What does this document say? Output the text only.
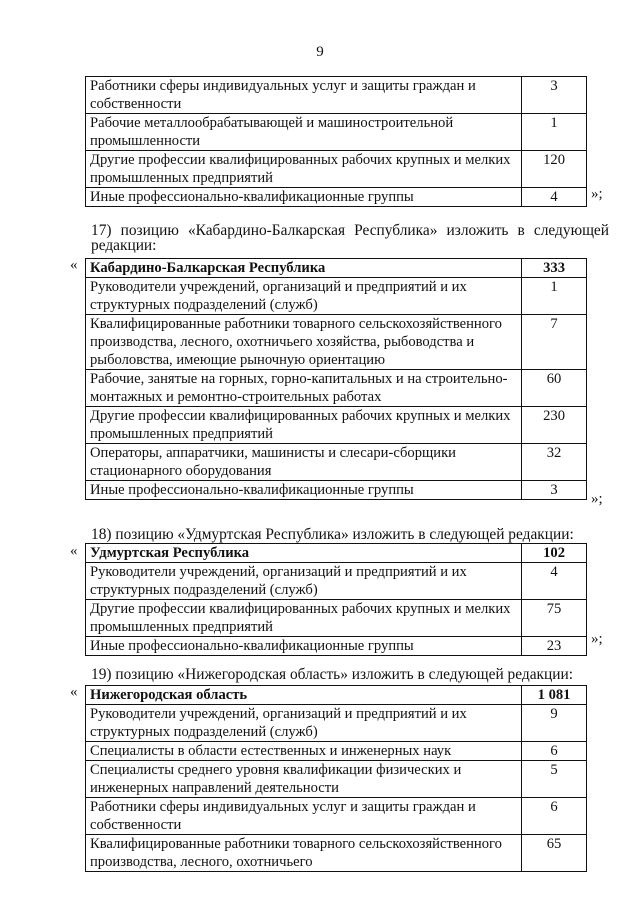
9
Работники сферы индивидуальных услуг и защиты граждан и собственности	3
Рабочие металлообрабатывающей и машиностроительной промышленности	1
Другие профессии квалифицированных рабочих крупных и мелких промышленных предприятий	120
Иные профессионально-квалификационные группы	4 »;
17) позицию «Кабардино-Балкарская Республика» изложить в следующей
редакции:
« Кабардино-Балкарская Республика	333
Руководители учреждений, организаций и предприятий и их структурных подразделений (служб)	1
Квалифицированные работники товарного сельскохозяйственного производства, лесного, охотничьего хозяйства, рыбоводства и рыболовства, имеющие рыночную ориентацию	7
Рабочие, занятые на горных, горно-капитальных и на строительно-монтажных и ремонтно-строительных работах	60
Другие профессии квалифицированных рабочих крупных и мелких промышленных предприятий	230
Операторы, аппаратчики, машинисты и слесари-сборщики стационарного оборудования	32
Иные профессионально-квалификационные группы	3
»;
18) позицию «Удмуртская Республика» изложить в следующей редакции:
« Удмуртская Республика	102
Руководители учреждений, организаций и предприятий и их структурных подразделений (служб)	4
Другие профессии квалифицированных рабочих крупных и мелких промышленных предприятий	75
Иные профессионально-квалификационные группы	23 »;
19) позицию «Нижегородская область» изложить в следующей редакции:
« Нижегородская область	1 081
Руководители учреждений, организаций и предприятий и их структурных подразделений (служб)	9
Специалисты в области естественных и инженерных наук	6
Специалисты среднего уровня квалификации физических и инженерных направлений деятельности	5
Работники сферы индивидуальных услуг и защиты граждан и собственности	6
Квалифицированные работники товарного сельскохозяйственного производства, лесного, охотничьего	65
